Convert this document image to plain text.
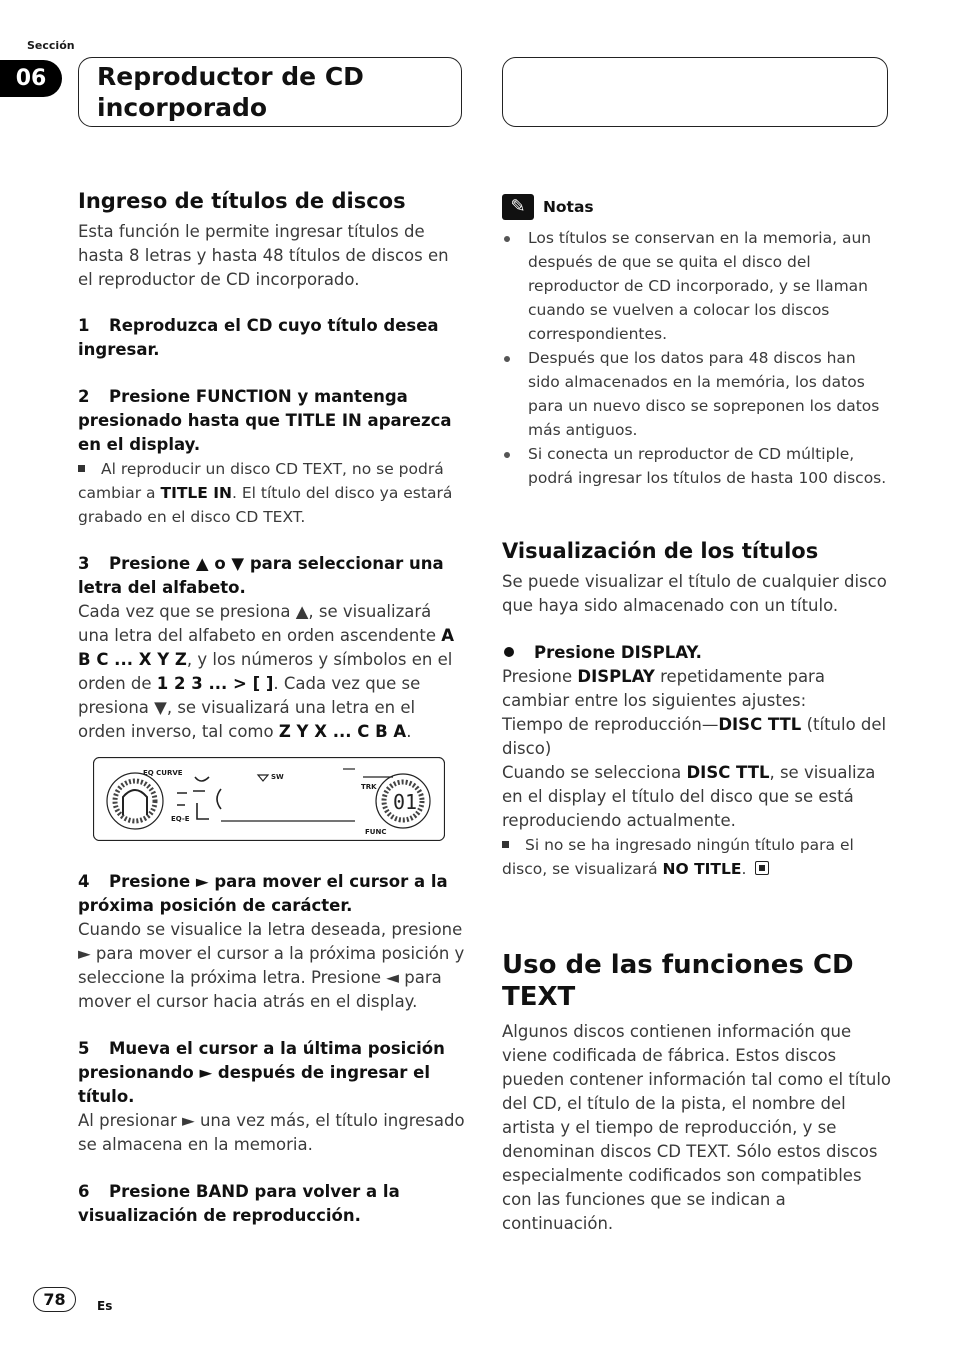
Sección
06	Reproductor de CD
incorporado
Ingreso de títulos de discos

Esta función le permite ingresar títulos de hasta 8 letras y hasta 48 títulos de discos en el reproductor de CD incorporado.

1 Reproduzca el CD cuyo título desea ingresar.

2 Presione FUNCTION y mantenga presionado hasta que TITLE IN aparezca en el display.

Al reproducir un disco CD TEXT, no se podrá cambiar a TITLE IN. El título del disco ya estará grabado en el disco CD TEXT.

3 Presione ▲ o ▼ para seleccionar una letra del alfabeto.

Cada vez que se presiona ▲, se visualizará una letra del alfabeto en orden ascendente A B C ... X Y Z, y los números y símbolos en el orden de 1 2 3 ... > [ ]. Cada vez que se presiona ▼, se visualizará una letra en el orden inverso, tal como Z Y X ... C B A.

01
EQ CURVE	SW
TRK
FUNC
EQ-E

4 Presione ► para mover el cursor a la próxima posición de carácter.

Cuando se visualice la letra deseada, presione ► para mover el cursor a la próxima posición y seleccione la próxima letra. Presione ◄ para mover el cursor hacia atrás en el display.

5 Mueva el cursor a la última posición presionando ► después de ingresar el título.

Al presionar ► una vez más, el título ingresado se almacena en la memoria.

6 Presione BAND para volver a la visualización de reproducción.

✎ Notas
Los títulos se conservan en la memoria, aun después de que se quita el disco del reproductor de CD incorporado, y se llaman cuando se vuelven a colocar los discos correspondientes.
Después que los datos para 48 discos han sido almacenados en la memória, los datos para un nuevo disco se sopreponen los datos más antiguos.
Si conecta un reproductor de CD múltiple, podrá ingresar los títulos de hasta 100 discos.
Visualización de los títulos

Se puede visualizar el título de cualquier disco que haya sido almacenado con un título.

Presione DISPLAY.

Presione DISPLAY repetidamente para cambiar entre los siguientes ajustes:

Tiempo de reproducción—DISC TTL (título del disco)

Cuando se selecciona DISC TTL, se visualiza en el display el título del disco que se está reproduciendo actualmente.

Si no se ha ingresado ningún título para el disco, se visualizará NO TITLE.

Uso de las funciones CD TEXT

Algunos discos contienen información que viene codificada de fábrica. Estos discos pueden contener información tal como el título del CD, el título de la pista, el nombre del artista y el tiempo de reproducción, y se denominan discos CD TEXT. Sólo estos discos especialmente codificados son compatibles con las funciones que se indican a continuación.

78	Es
